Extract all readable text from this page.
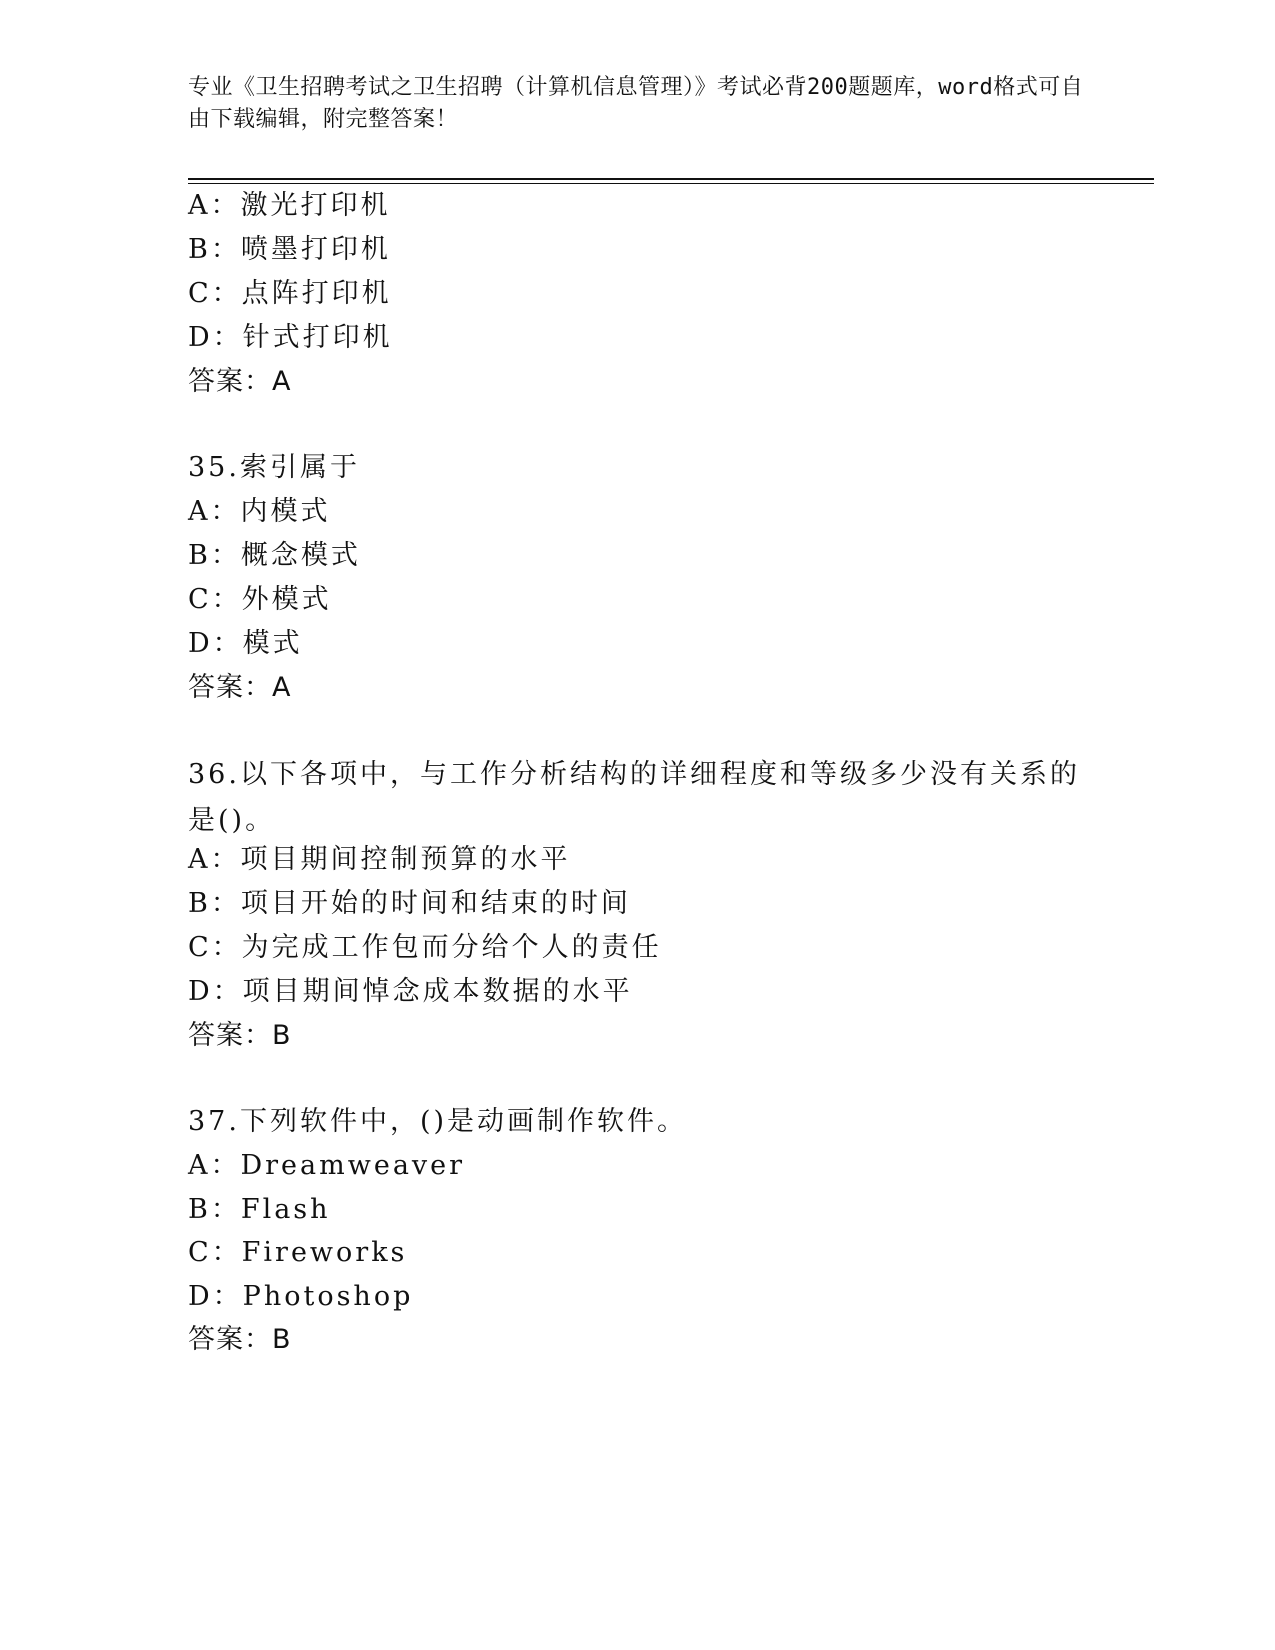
专业《卫生招聘考试之卫生招聘（计算机信息管理）》考试必背200题题库，word格式可自由下载编辑，附完整答案！
A：激光打印机
B：喷墨打印机
C：点阵打印机
D：针式打印机
答案：A
35.索引属于
A：内模式
B：概念模式
C：外模式
D：模式
答案：A
36.以下各项中，与工作分析结构的详细程度和等级多少没有关系的是()。
A：项目期间控制预算的水平
B：项目开始的时间和结束的时间
C：为完成工作包而分给个人的责任
D：项目期间悼念成本数据的水平
答案：B
37.下列软件中，()是动画制作软件。
A：Dreamweaver
B：Flash
C：Fireworks
D：Photoshop
答案：B
